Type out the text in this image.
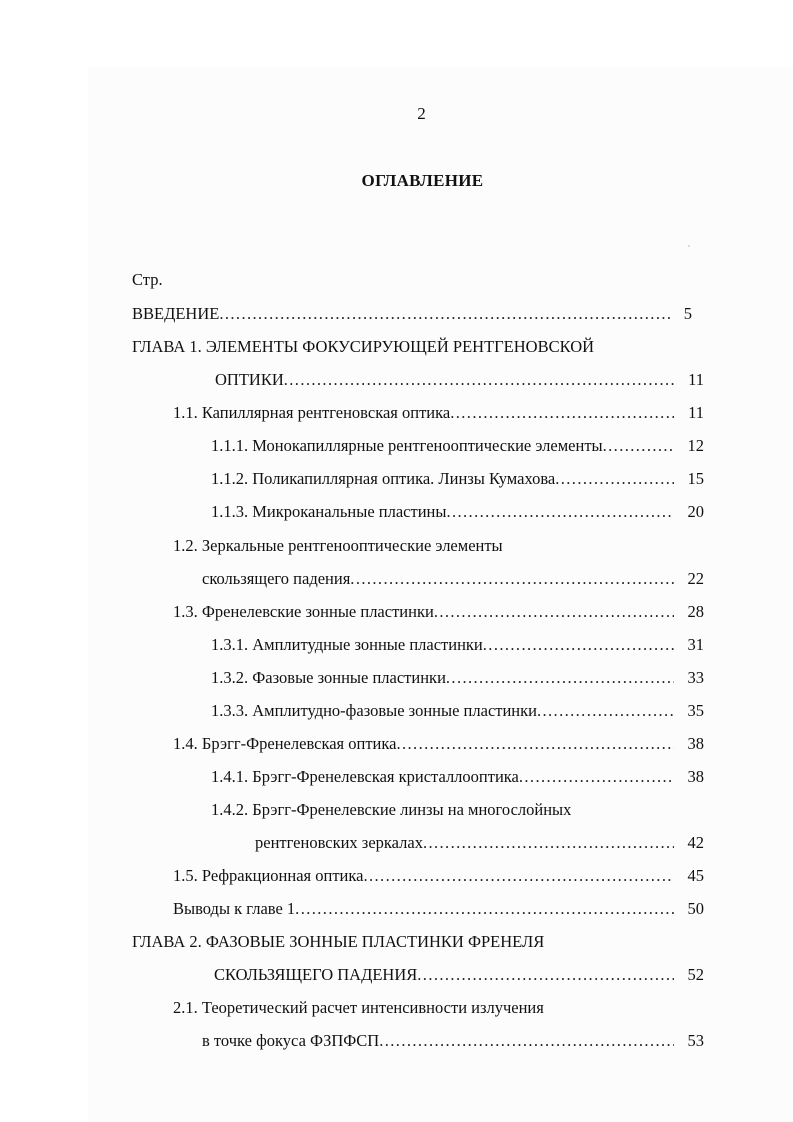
2
ОГЛАВЛЕНИЕ
Стр.
ВВЕДЕНИЕ .....	5
ГЛАВА 1. ЭЛЕМЕНТЫ ФОКУСИРУЮЩЕЙ РЕНТГЕНОВСКОЙ
ОПТИКИ .....	11
1.1. Капиллярная рентгеновская оптика .....	11
1.1.1. Монокапиллярные рентгенооптические элементы .....	12
1.1.2. Поликапиллярная оптика. Линзы Кумахова .....	15
1.1.3. Микроканальные пластины .....	20
1.2. Зеркальные рентгенооптические элементы
скользящего падения .....	22
1.3. Френелевские зонные пластинки .....	28
1.3.1. Амплитудные зонные пластинки .....	31
1.3.2. Фазовые зонные пластинки .....	33
1.3.3. Амплитудно-фазовые зонные пластинки .....	35
1.4. Брэгг-Френелевская оптика .....	38
1.4.1. Брэгг-Френелевская кристаллооптика .....	38
1.4.2. Брэгг-Френелевские линзы на многослойных
рентгеновских зеркалах .....	42
1.5. Рефракционная оптика .....	45
Выводы к главе 1 .....	50
ГЛАВА 2. ФАЗОВЫЕ ЗОННЫЕ ПЛАСТИНКИ ФРЕНЕЛЯ
СКОЛЬЗЯЩЕГО ПАДЕНИЯ .....	52
2.1. Теоретический расчет интенсивности излучения
в точке фокуса ФЗПФСП .....	53
